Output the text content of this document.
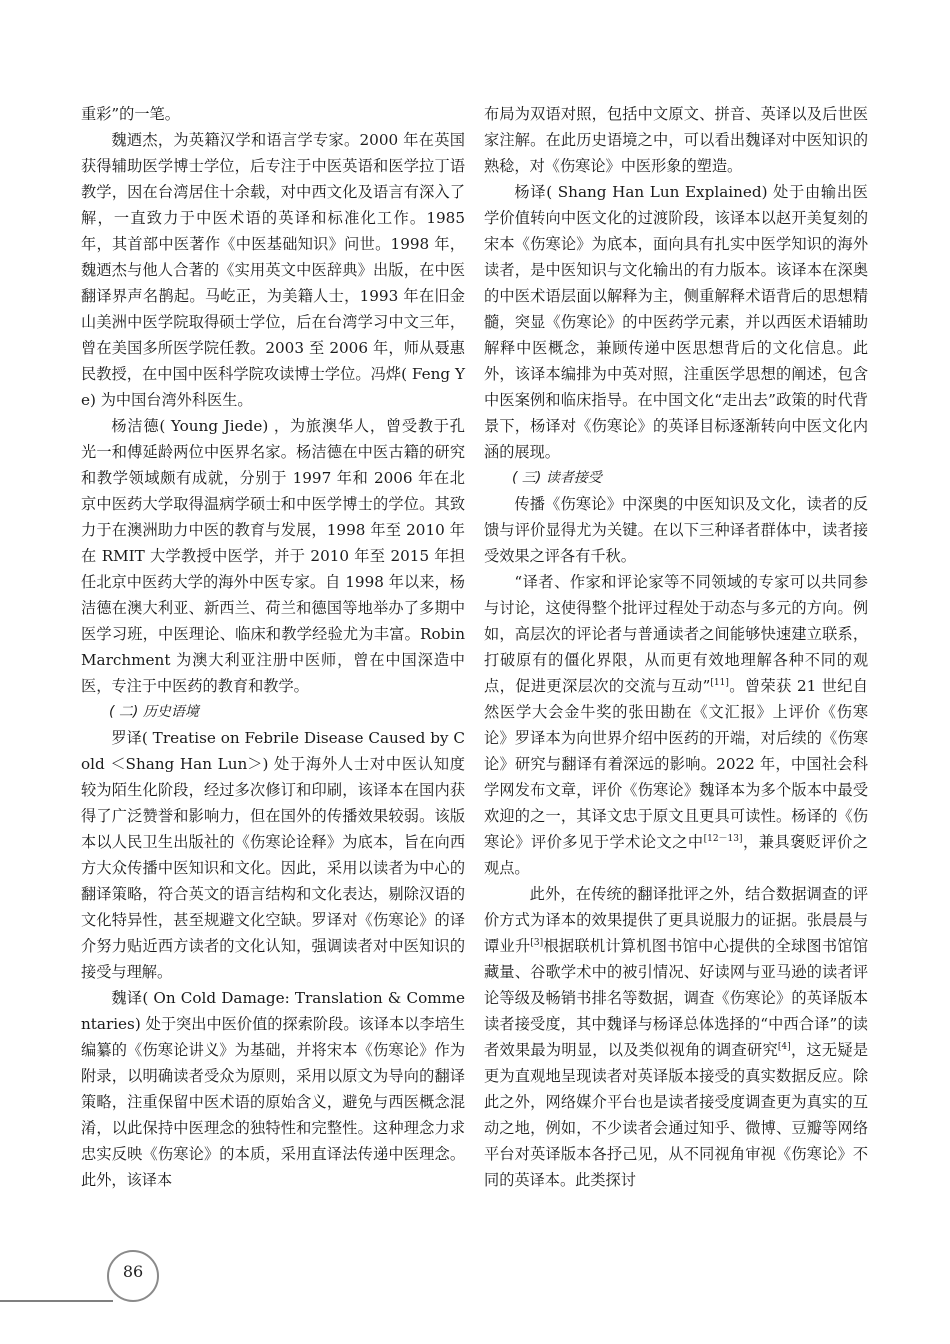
重彩”的一笔。

魏迺杰，为英籍汉学和语言学专家。2000 年在英国获得辅助医学博士学位，后专注于中医英语和医学拉丁语教学，因在台湾居住十余载，对中西文化及语言有深入了解，一直致力于中医术语的英译和标准化工作。1985 年，其首部中医著作《中医基础知识》问世。1998 年，魏迺杰与他人合著的《实用英文中医辞典》出版，在中医翻译界声名鹊起。马屹正，为美籍人士，1993 年在旧金山美洲中医学院取得硕士学位，后在台湾学习中文三年，曾在美国多所医学院任教。2003 至 2006 年，师从聂惠民教授，在中国中医科学院攻读博士学位。冯烨( Feng Ye) 为中国台湾外科医生。

杨洁德( Young Jiede) ，为旅澳华人，曾受教于孔光一和傅延龄两位中医界名家。杨洁德在中医古籍的研究和教学领域颇有成就，分别于 1997 年和 2006 年在北京中医药大学取得温病学硕士和中医学博士的学位。其致力于在澳洲助力中医的教育与发展，1998 年至 2010 年在 RMIT 大学教授中医学，并于 2010 年至 2015 年担任北京中医药大学的海外中医专家。自 1998 年以来，杨洁德在澳大利亚、新西兰、荷兰和德国等地举办了多期中医学习班，中医理论、临床和教学经验尤为丰富。Robin Marchment 为澳大利亚注册中医师，曾在中国深造中医，专注于中医药的教育和教学。

( 二) 历史语境

罗译( Treatise on Febrile Disease Caused by Cold ＜Shang Han Lun＞) 处于海外人士对中医认知度较为陌生化阶段，经过多次修订和印刷，该译本在国内获得了广泛赞誉和影响力，但在国外的传播效果较弱。该版本以人民卫生出版社的《伤寒论诠释》为底本，旨在向西方大众传播中医知识和文化。因此，采用以读者为中心的翻译策略，符合英文的语言结构和文化表达，剔除汉语的文化特异性，甚至规避文化空缺。罗译对《伤寒论》的译介努力贴近西方读者的文化认知，强调读者对中医知识的接受与理解。

魏译( On Cold Damage: Translation & Commentaries) 处于突出中医价值的探索阶段。该译本以李培生编纂的《伤寒论讲义》为基础，并将宋本《伤寒论》作为附录，以明确读者受众为原则，采用以原文为导向的翻译策略，注重保留中医术语的原始含义，避免与西医概念混淆，以此保持中医理念的独特性和完整性。这种理念力求忠实反映《伤寒论》的本质，采用直译法传递中医理念。此外，该译本

布局为双语对照，包括中文原文、拼音、英译以及后世医家注解。在此历史语境之中，可以看出魏译对中医知识的熟稔，对《伤寒论》中医形象的塑造。

杨译( Shang Han Lun Explained) 处于由输出医学价值转向中医文化的过渡阶段，该译本以赵开美复刻的宋本《伤寒论》为底本，面向具有扎实中医学知识的海外读者，是中医知识与文化输出的有力版本。该译本在深奥的中医术语层面以解释为主，侧重解释术语背后的思想精髓，突显《伤寒论》的中医药学元素，并以西医术语辅助解释中医概念，兼顾传递中医思想背后的文化信息。此外，该译本编排为中英对照，注重医学思想的阐述，包含中医案例和临床指导。在中国文化“走出去”政策的时代背景下，杨译对《伤寒论》的英译目标逐渐转向中医文化内涵的展现。

( 三) 读者接受

传播《伤寒论》中深奥的中医知识及文化，读者的反馈与评价显得尤为关键。在以下三种译者群体中，读者接受效果之评各有千秋。

“译者、作家和评论家等不同领域的专家可以共同参与讨论，这使得整个批评过程处于动态与多元的方向。例如，高层次的评论者与普通读者之间能够快速建立联系，打破原有的僵化界限，从而更有效地理解各种不同的观点，促进更深层次的交流与互动”[11]。曾荣获 21 世纪自然医学大会金牛奖的张田勘在《文汇报》上评价《伤寒论》罗译本为向世界介绍中医药的开端，对后续的《伤寒论》研究与翻译有着深远的影响。2022 年，中国社会科学网发布文章，评价《伤寒论》魏译本为多个版本中最受欢迎的之一，其译文忠于原文且更具可读性。杨译的《伤寒论》评价多见于学术论文之中[12－13]，兼具褒贬评价之观点。

此外，在传统的翻译批评之外，结合数据调查的评价方式为译本的效果提供了更具说服力的证据。张晨晨与谭业升[3]根据联机计算机图书馆中心提供的全球图书馆馆藏量、谷歌学术中的被引情况、好读网与亚马逊的读者评论等级及畅销书排名等数据，调查《伤寒论》的英译版本读者接受度，其中魏译与杨译总体选择的“中西合译”的读者效果最为明显，以及类似视角的调查研究[4]，这无疑是更为直观地呈现读者对英译版本接受的真实数据反应。除此之外，网络媒介平台也是读者接受度调查更为真实的互动之地，例如，不少读者会通过知乎、微博、豆瓣等网络平台对英译版本各抒己见，从不同视角审视《伤寒论》不同的英译本。此类探讨

86
